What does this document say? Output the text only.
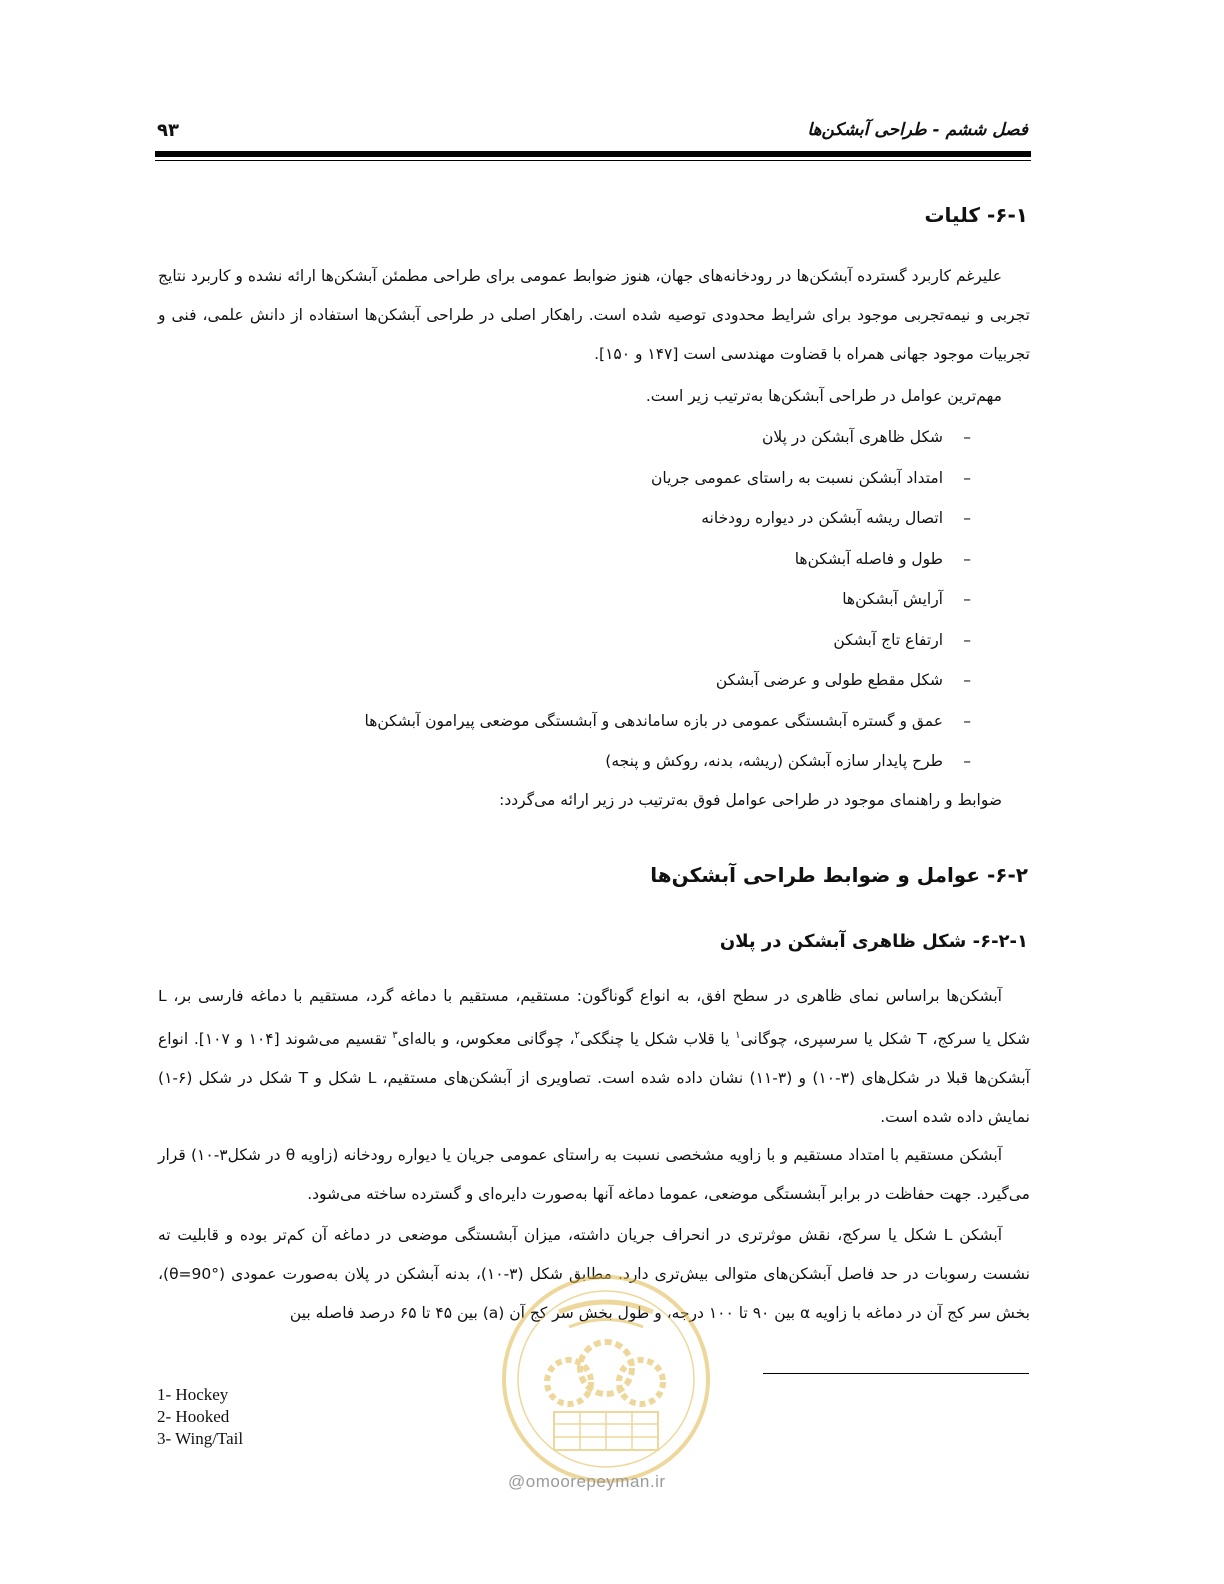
فصل ششم - طراحی آبشکن‌ها
۹۳
۶-۱- کلیات
علیرغم کاربرد گسترده آبشکن‌ها در رودخانه‌های جهان، هنوز ضوابط عمومی برای طراحی مطمئن آبشکن‌ها ارائه نشده و کاربرد نتایج تجربی و نیمه‌تجربی موجود برای شرایط محدودی توصیه شده است. راهکار اصلی در طراحی آبشکن‌ها استفاده از دانش علمی، فنی و تجربیات موجود جهانی همراه با قضاوت مهندسی است [۱۴۷ و ۱۵۰].
مهم‌ترین عوامل در طراحی آبشکن‌ها به‌ترتیب زیر است.
–شکل ظاهری آبشکن در پلان
–امتداد آبشکن نسبت به راستای عمومی جریان
–اتصال ریشه آبشکن در دیواره رودخانه
–طول و فاصله آبشکن‌ها
–آرایش آبشکن‌ها
–ارتفاع تاج آبشکن
–شکل مقطع طولی و عرضی آبشکن
–عمق و گستره آبشستگی عمومی در بازه ساماندهی و آبشستگی موضعی پیرامون آبشکن‌ها
–طرح پایدار سازه آبشکن (ریشه، بدنه، روکش و پنجه)
ضوابط و راهنمای موجود در طراحی عوامل فوق به‌ترتیب در زیر ارائه می‌گردد:
۶-۲- عوامل و ضوابط طراحی آبشکن‌ها
۶-۲-۱- شکل ظاهری آبشکن در پلان
آبشکن‌ها براساس نمای ظاهری در سطح افق، به انواع گوناگون: مستقیم، مستقیم با دماغه گرد، مستقیم با دماغه فارسی بر، L شکل یا سرکج، T شکل یا سرسپری، چوگانی$^۱$ یا قلاب شکل یا چنگکی$^۲$، چوگانی معکوس، و باله‌ای$^۳$ تقسیم می‌شوند [۱۰۴ و ۱۰۷]. انواع آبشکن‌ها قبلا در شکل‌های (۳-۱۰) و (۳-۱۱) نشان داده شده است. تصاویری از آبشکن‌های مستقیم، L شکل و T شکل در شکل (۶-۱) نمایش داده شده است.
آبشکن مستقیم با امتداد مستقیم و با زاویه مشخصی نسبت به راستای عمومی جریان یا دیواره رودخانه (زاویه θ در شکل۳-۱۰) قرار می‌گیرد. جهت حفاظت در برابر آبشستگی موضعی، عموما دماغه آنها به‌صورت دایره‌ای و گسترده ساخته می‌شود.
آبشکن L شکل یا سرکج، نقش موثرتری در انحراف جریان داشته، میزان آبشستگی موضعی در دماغه آن کم‌تر بوده و قابلیت ته نشست رسوبات در حد فاصل آبشکن‌های متوالی بیش‌تری دارد. مطابق شکل (۳-۱۰)، بدنه آبشکن در پلان به‌صورت عمودی (θ=90°)، بخش سر کج آن در دماغه با زاویه α بین ۹۰ تا ۱۰۰ درجه، و طول بخش سر کج آن (a) بین ۴۵ تا ۶۵ درصد فاصله بین
1- Hockey
2- Hooked
3- Wing/Tail
@omoorepeyman.ir
